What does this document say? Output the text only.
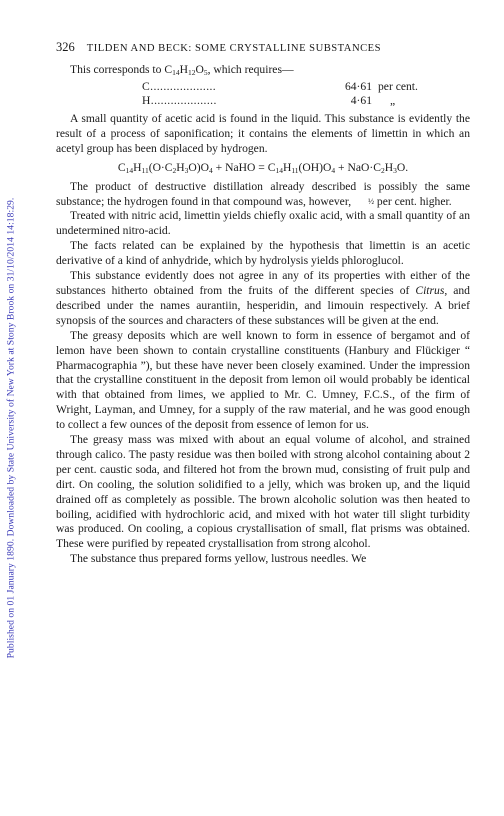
Published on 01 January 1890. Downloaded by State University of New York at Stony Brook on 31/10/2014 14:18:29.
326 TILDEN AND BECK: SOME CRYSTALLINE SUBSTANCES

This corresponds to $C_{14}H_{12}O_5$, which requires—

C....................	64·61 per cent.
H....................	4·61	„

A small quantity of acetic acid is found in the liquid. This substance is evidently the result of a process of saponification; it contains the elements of limettin in which an acetyl group has been displaced by hydrogen.

$C_{14}H_{11}(O\cdot C_2H_3O)O_4$ + NaHO = $C_{14}H_{11}(OH)O_4 + NaO\cdot C_2H_3O$.

The product of destructive distillation already described is possibly the same substance; the hydrogen found in that compound was, however, ½ per cent. higher.

Treated with nitric acid, limettin yields chiefly oxalic acid, with a small quantity of an undetermined nitro-acid.

The facts related can be explained by the hypothesis that limettin is an acetic derivative of a kind of anhydride, which by hydrolysis yields phloroglucol.

This substance evidently does not agree in any of its properties with either of the substances hitherto obtained from the fruits of the different species of Citrus, and described under the names aurantiin, hesperidin, and limouin respectively. A brief synopsis of the sources and characters of these substances will be given at the end.

The greasy deposits which are well known to form in essence of bergamot and of lemon have been shown to contain crystalline constituents (Hanbury and Flückiger “ Pharmacographia ”), but these have never been closely examined. Under the impression that the crystalline constituent in the deposit from lemon oil would probably be identical with that obtained from limes, we applied to Mr. C. Umney, F.C.S., of the firm of Wright, Layman, and Umney, for a supply of the raw material, and he was good enough to collect a few ounces of the deposit from essence of lemon for us.

The greasy mass was mixed with about an equal volume of alcohol, and strained through calico. The pasty residue was then boiled with strong alcohol containing about 2 per cent. caustic soda, and filtered hot from the brown mud, consisting of fruit pulp and dirt. On cooling, the solution solidified to a jelly, which was broken up, and the liquid drained off as completely as possible. The brown alcoholic solution was then heated to boiling, acidified with hydrochloric acid, and mixed with hot water till slight turbidity was produced. On cooling, a copious crystallisation of small, flat prisms was obtained. These were purified by repeated crystallisation from strong alcohol.

The substance thus prepared forms yellow, lustrous needles. We
